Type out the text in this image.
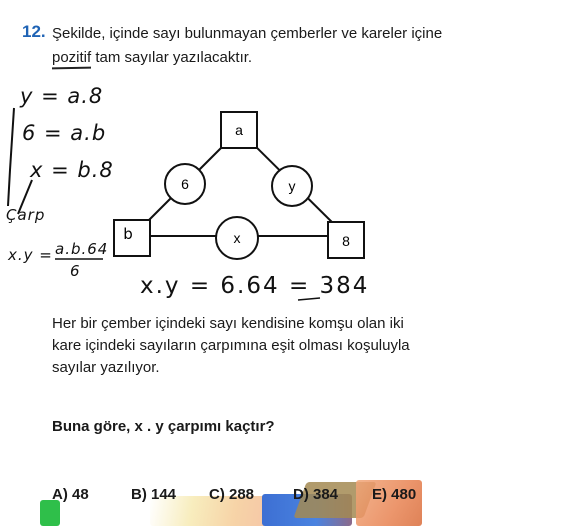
12. Şekilde, içinde sayı bulunmayan çemberler ve kareler içine pozitif tam sayılar yazılacaktır.
y = a.8
6 = a.b
x = b.8
Çarp
x.y = a.b.64
6
x.y = 6.64 = 384
a
b	8
6	y
x
Her bir çember içindeki sayı kendisine komşu olan iki kare içindeki sayıların çarpımına eşit olması koşuluyla sayılar yazılıyor.
Buna göre, x . y çarpımı kaçtır?
A) 48	B) 144 C) 288	D) 384 E) 480
